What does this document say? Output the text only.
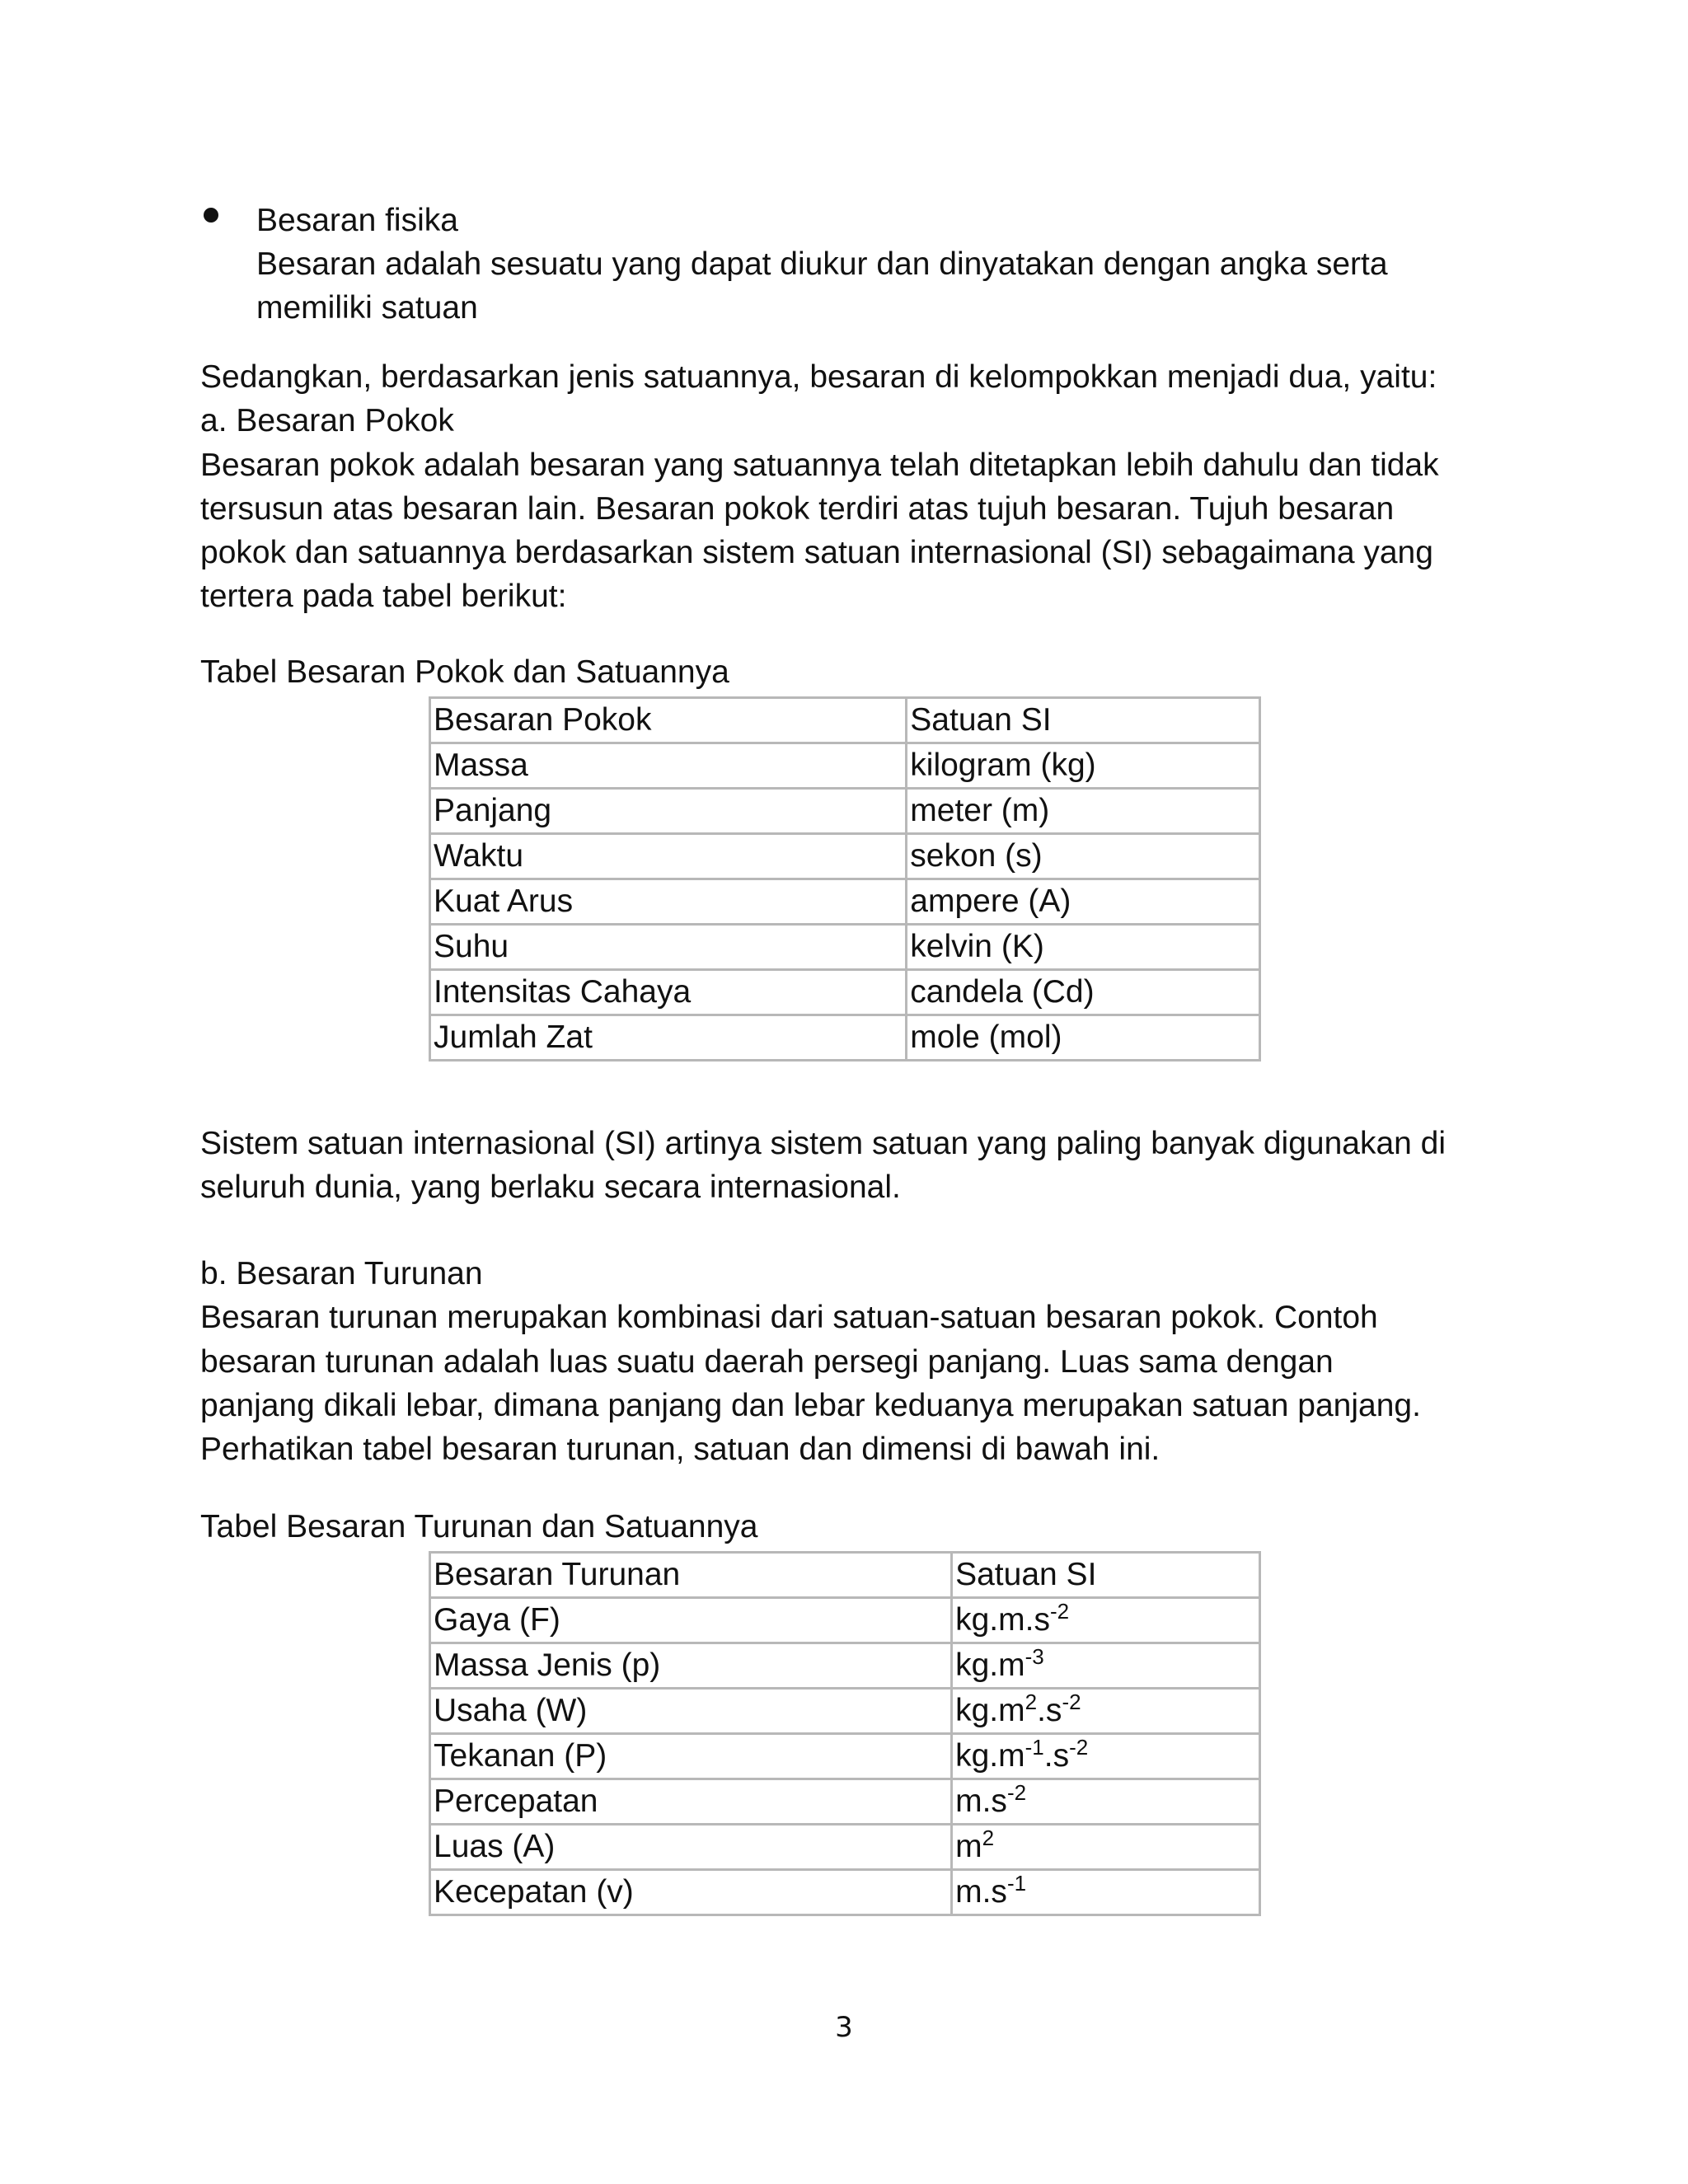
Besaran fisika
Besaran adalah sesuatu yang dapat diukur dan dinyatakan dengan angka serta
memiliki satuan
Sedangkan, berdasarkan jenis satuannya, besaran di kelompokkan menjadi dua, yaitu:
a. Besaran Pokok
Besaran pokok adalah besaran yang satuannya telah ditetapkan lebih dahulu dan tidak
tersusun atas besaran lain. Besaran pokok terdiri atas tujuh besaran. Tujuh besaran
pokok dan satuannya berdasarkan sistem satuan internasional (SI) sebagaimana yang
tertera pada tabel berikut:
Tabel Besaran Pokok dan Satuannya
Besaran Pokok	Satuan SI
Massa	kilogram (kg)
Panjang	meter (m)
Waktu	sekon (s)
Kuat Arus	ampere (A)
Suhu	kelvin (K)
Intensitas Cahaya	candela (Cd)
Jumlah Zat	mole (mol)
Sistem satuan internasional (SI) artinya sistem satuan yang paling banyak digunakan di
seluruh dunia, yang berlaku secara internasional.
b. Besaran Turunan
Besaran turunan merupakan kombinasi dari satuan-satuan besaran pokok. Contoh
besaran turunan adalah luas suatu daerah persegi panjang. Luas sama dengan
panjang dikali lebar, dimana panjang dan lebar keduanya merupakan satuan panjang.
Perhatikan tabel besaran turunan, satuan dan dimensi di bawah ini.
Tabel Besaran Turunan dan Satuannya
Besaran Turunan	Satuan SI
Gaya (F)	$kg.m.s^{-2}$
Massa Jenis (p)	$kg.m^{-3}$
Usaha (W)	$kg.m^2.s^{-2}$
Tekanan (P)	$kg.m^{-1}.s^{-2}$
Percepatan	$m.s^{-2}$
Luas (A)	$m^2$
Kecepatan (v)	$m.s^{-1}$
3
